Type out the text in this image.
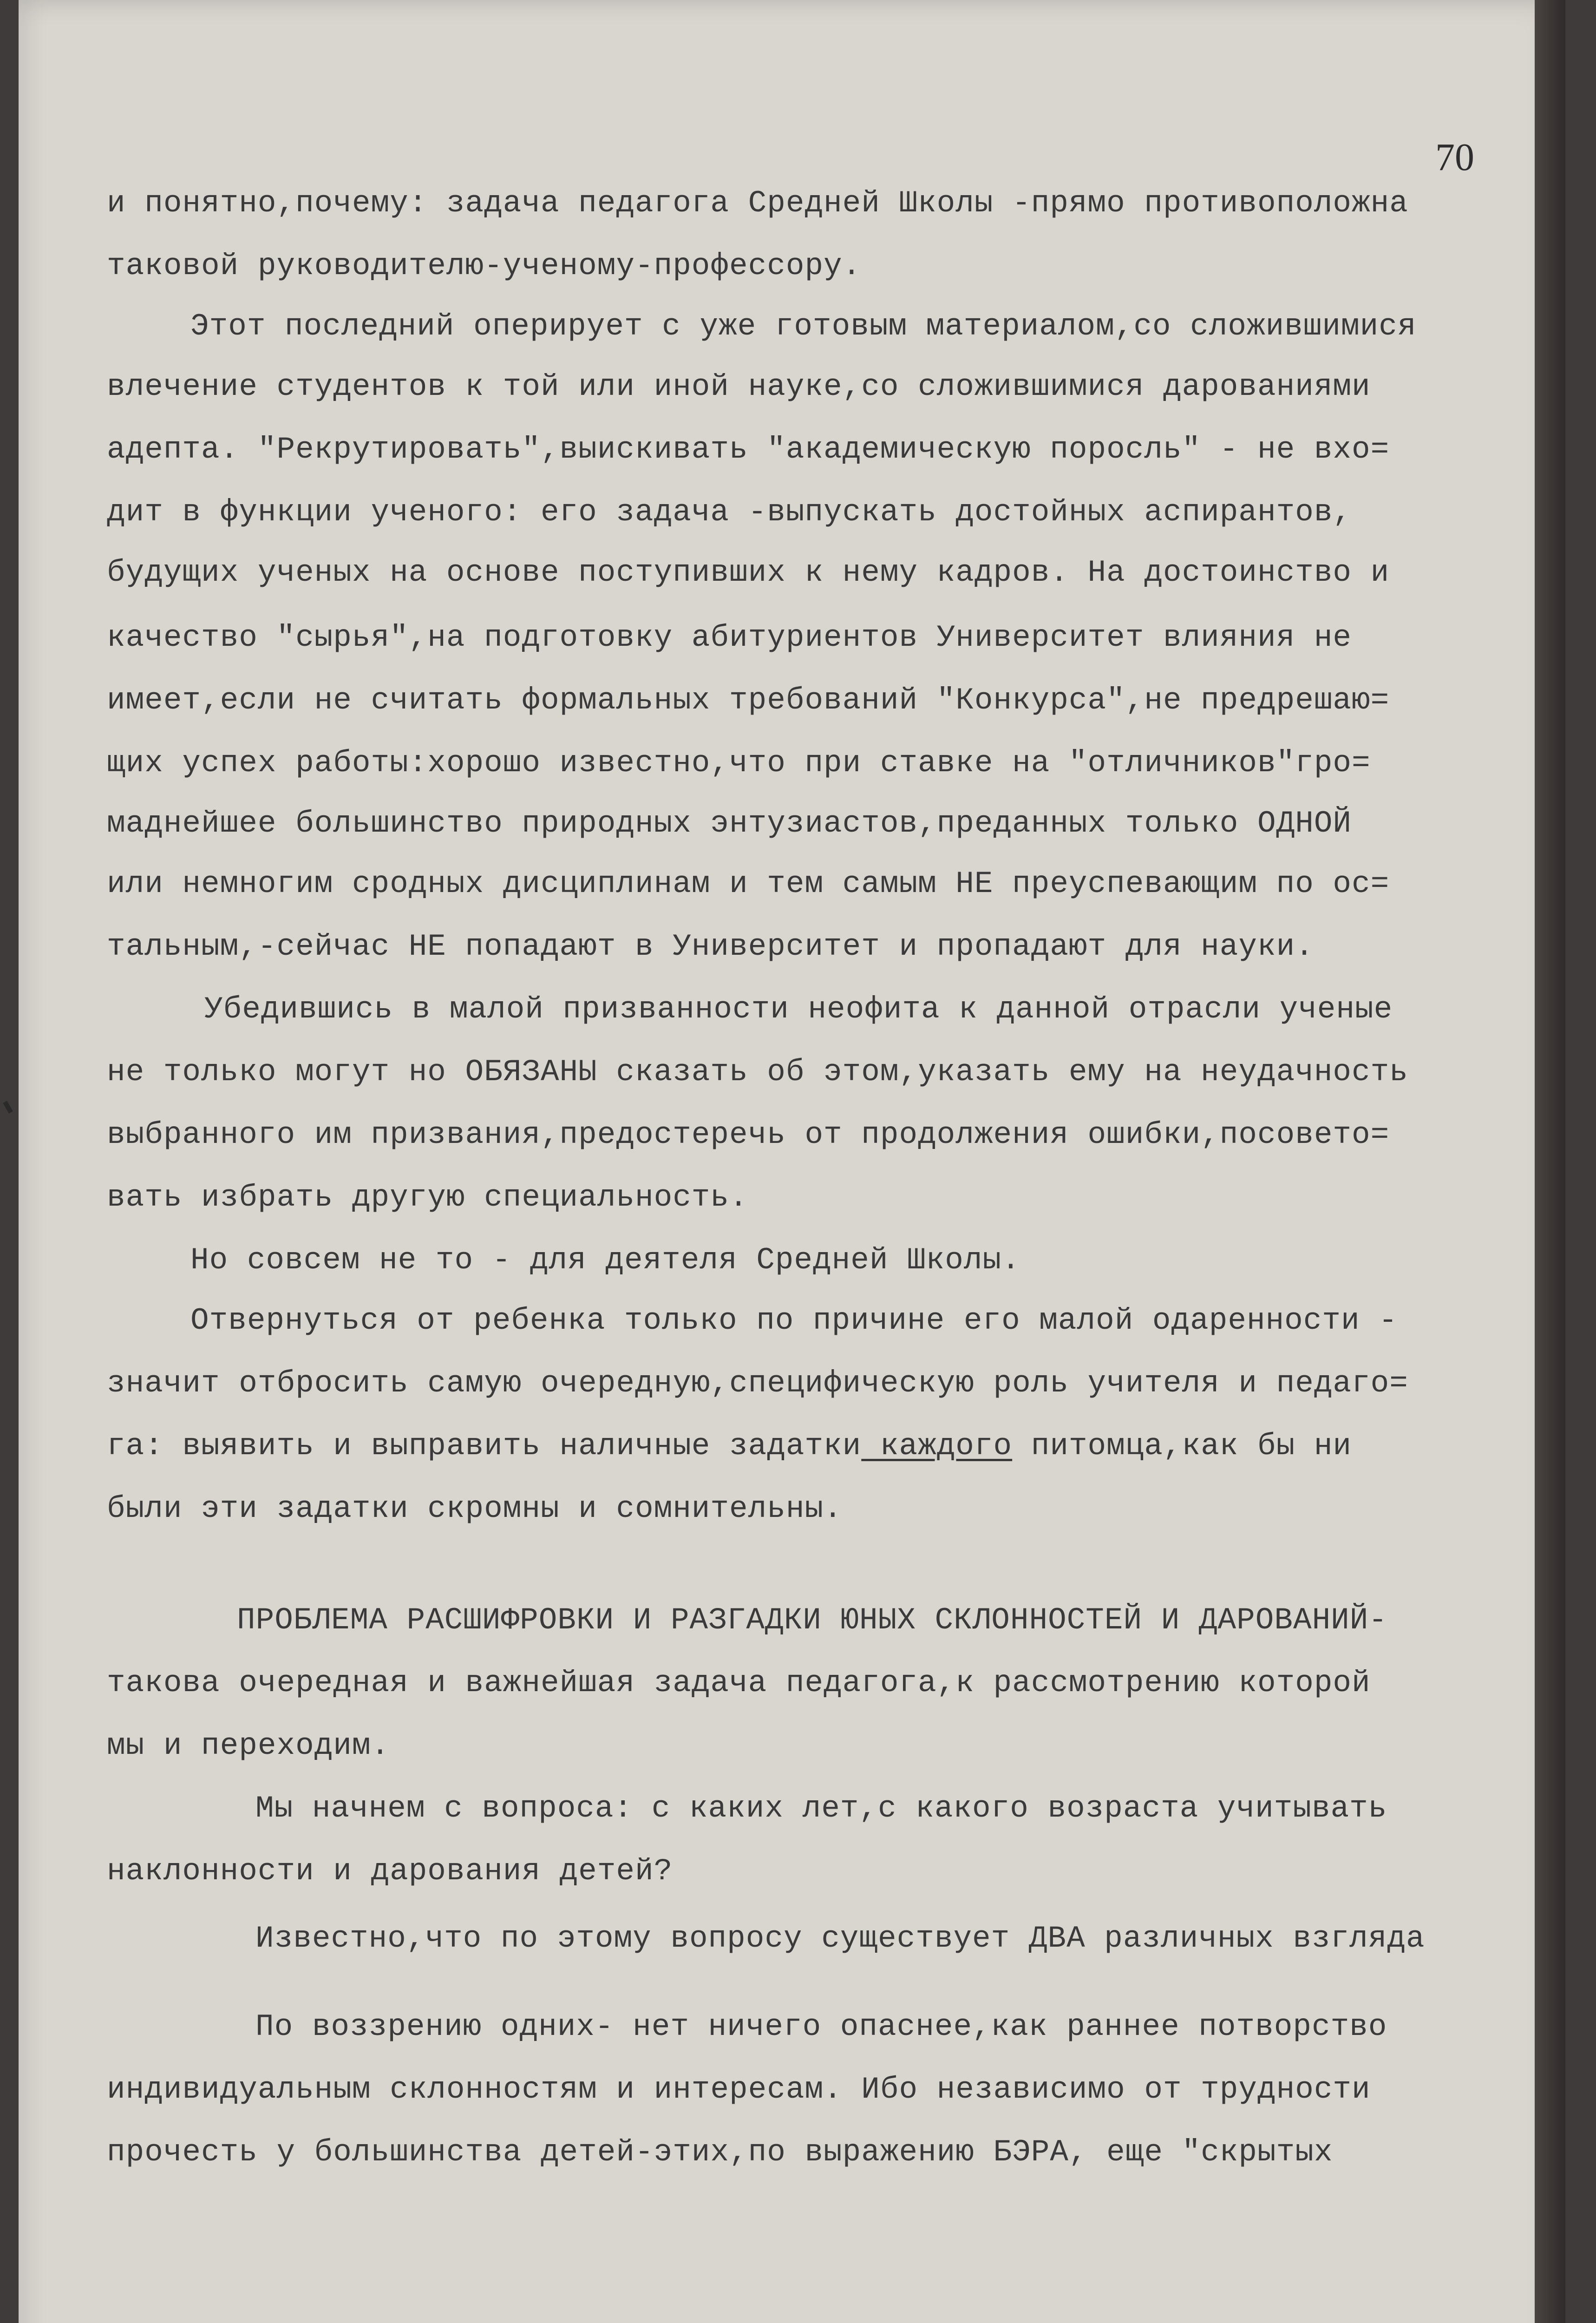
70
и понятно,почему: задача педагога Средней Школы -прямо противоположна
таковой руководителю-ученому-профессору.
Этот последний оперирует с уже готовым материалом,со сложившимися
влечение студентов к той или иной науке,со сложившимися дарованиями
адепта. "Рекрутировать",выискивать "академическую поросль" - не вхо=
дит в функции ученого: его задача -выпускать достойных аспирантов,
будущих ученых на основе поступивших к нему кадров. На достоинство и
качество "сырья",на подготовку абитуриентов Университет влияния не
имеет,если не считать формальных требований "Конкурса",не предрешаю=
щих успех работы:хорошо известно,что при ставке на "отличников"гро=
маднейшее большинство природных энтузиастов,преданных только ОДНОЙ
или немногим сродных дисциплинам и тем самым НЕ преуспевающим по ос=
тальным,-сейчас НЕ попадают в Университет и пропадают для науки.
Убедившись в малой призванности неофита к данной отрасли ученые
не только могут но ОБЯЗАНЫ сказать об этом,указать ему на неудачность
выбранного им призвания,предостеречь от продолжения ошибки,посовето=
вать избрать другую специальность.
Но совсем не то - для деятеля Средней Школы.
Отвернуться от ребенка только по причине его малой одаренности -
значит отбросить самую очередную,специфическую роль учителя и педаго=
га: выявить и выправить наличные задатки каждого питомца,как бы ни
были эти задатки скромны и сомнительны.
ПРОБЛЕМА РАСШИФРОВКИ И РАЗГАДКИ ЮНЫХ СКЛОННОСТЕЙ И ДАРОВАНИЙ-
такова очередная и важнейшая задача педагога,к рассмотрению которой
мы и переходим.
Мы начнем с вопроса: с каких лет,с какого возраста учитывать
наклонности и дарования детей?
Известно,что по этому вопросу существует ДВА различных взгляда
По воззрению одних- нет ничего опаснее,как раннее потворство
индивидуальным склонностям и интересам. Ибо независимо от трудности
прочесть у большинства детей-этих,по выражению БЭРА, еще "скрытых
